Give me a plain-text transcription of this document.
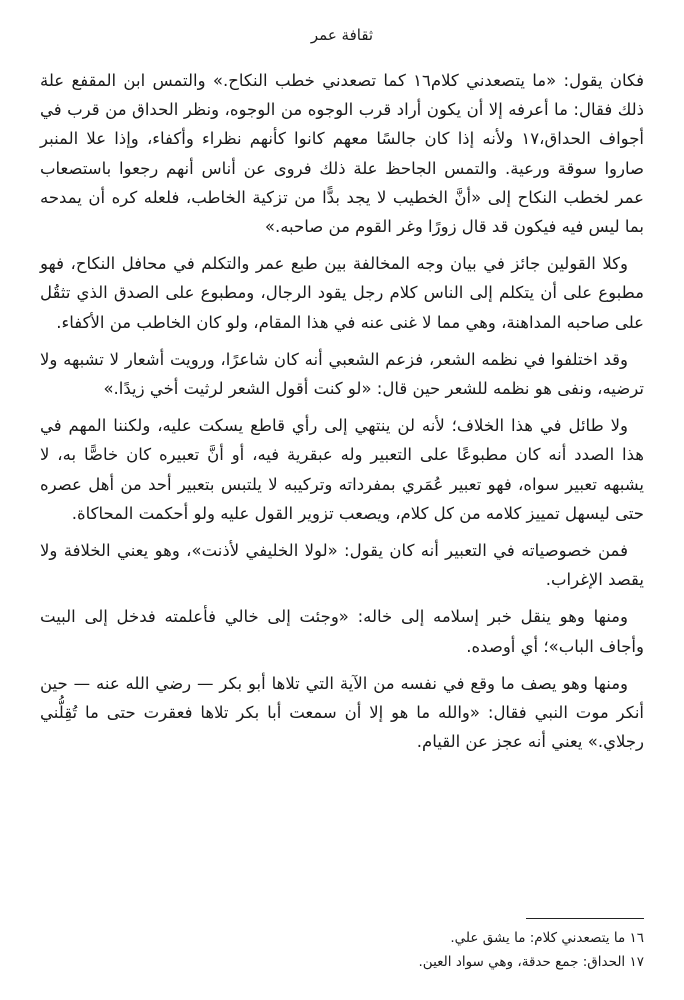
ثقافة عمر

فكان يقول: «ما يتصعدني كلام١٦ كما تصعدني خطب النكاح.» والتمس ابن المقفع علة ذلك فقال: ما أعرفه إلا أن يكون أراد قرب الوجوه من الوجوه، ونظر الحداق من قرب في أجواف الحداق،١٧ ولأنه إذا كان جالسًا معهم كانوا كأنهم نظراء وأكفاء، وإذا علا المنبر صاروا سوقة ورعية. والتمس الجاحظ علة ذلك فروى عن أناس أنهم رجعوا باستصعاب عمر لخطب النكاح إلى «أنَّ الخطيب لا يجد بدًّا من تزكية الخاطب، فلعله كره أن يمدحه بما ليس فيه فيكون قد قال زورًا وغر القوم من صاحبه.»

وكلا القولين جائز في بيان وجه المخالفة بين طبع عمر والتكلم في محافل النكاح، فهو مطبوع على أن يتكلم إلى الناس كلام رجل يقود الرجال، ومطبوع على الصدق الذي تثقُل على صاحبه المداهنة، وهي مما لا غنى عنه في هذا المقام، ولو كان الخاطب من الأكفاء.

وقد اختلفوا في نظمه الشعر، فزعم الشعبي أنه كان شاعرًا، ورويت أشعار لا تشبهه ولا ترضيه، ونفى هو نظمه للشعر حين قال: «لو كنت أقول الشعر لرثيت أخي زيدًا.»

ولا طائل في هذا الخلاف؛ لأنه لن ينتهي إلى رأي قاطع يسكت عليه، ولكننا المهم في هذا الصدد أنه كان مطبوعًا على التعبير وله عبقرية فيه، أو أنَّ تعبيره كان خاصًّا به، لا يشبهه تعبير سواه، فهو تعبير عُمَري بمفرداته وتركيبه لا يلتبس بتعبير أحد من أهل عصره حتى ليسهل تمييز كلامه من كل كلام، ويصعب تزوير القول عليه ولو أحكمت المحاكاة.

فمن خصوصياته في التعبير أنه كان يقول: «لولا الخليفي لأذنت»، وهو يعني الخلافة ولا يقصد الإغراب.

ومنها وهو ينقل خبر إسلامه إلى خاله: «وجئت إلى خالي فأعلمته فدخل إلى البيت وأجاف الباب»؛ أي أوصده.

ومنها وهو يصف ما وقع في نفسه من الآية التي تلاها أبو بكر — رضي الله عنه — حين أنكر موت النبي فقال: «والله ما هو إلا أن سمعت أبا بكر تلاها فعقرت حتى ما تُقِلُّني رجلاي.» يعني أنه عجز عن القيام.

١٦ ما يتصعدني كلام: ما يشق علي.
١٧ الحداق: جمع حدقة، وهي سواد العين.
